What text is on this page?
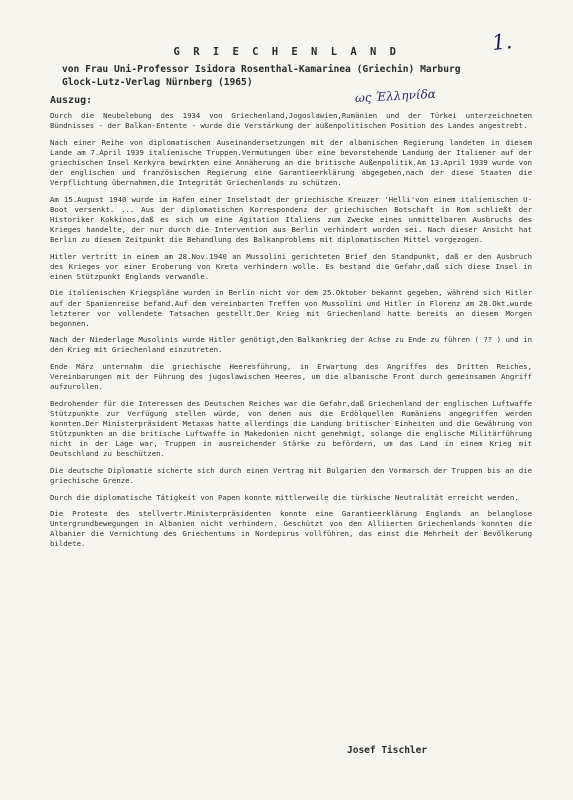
1.
G R I E C H E N L A N D
von Frau Uni-Professor Isidora Rosenthal-Kamarinea (Griechin) Marburg
Glock-Lutz-Verlag Nürnberg (1965)
ως Έλληνίδα
Auszug:

Durch die Neubelebung des 1934 von Griechenland,Jogoslawien,Rumänien und der Türkei unterzeichneten Bündnisses - der Balkan-Entente - wurde die Verstärkung der außenpolitischen Position des Landes angestrebt.

Nach einer Reihe von diplomatischen Auseinandersetzungen mit der albanischen Regierung landeten in diesem Lande am 7.April 1939 italienische Truppen.Vermutungen über eine bevorstehende Landung der Italiener auf der griechischen Insel Kerkyra bewirkten eine Annäherung an die britische Außenpolitik.Am 13.April 1939 wurde von der englischen und französischen Regierung eine Garantieerklärung abgegeben,nach der diese Staaten die Verpflichtung übernahmen,die Integrität Griechenlands zu schützen.

Am 15.August 1940 wurde im Hafen einer Inselstadt der griechische Kreuzer 'Helli'von einem italienischen U-Boot versenkt. ... Aus der diplomatischen Korrespondenz der griechischen Botschaft in Rom schließt der Historiker Kokkinos,daß es sich um eine Agitation Italiens zum Zwecke eines unmittelbaren Ausbruchs des Krieges handelte, der nur durch die Intervention aus Berlin verhindert worden sei. Nach dieser Ansicht hat Berlin zu diesem Zeitpunkt die Behandlung des Balkanproblems mit diplomatischen Mittel vorgezogen.

Hitler vertritt in einem am 28.Nov.1940 an Mussolini gerichteten Brief den Standpunkt, daß er den Ausbruch des Krieges vor einer Eroberung von Kreta verhindern wolle. Es bestand die Gefahr,daß sich diese Insel in einen Stützpunkt Englands verwandle.

Die italienischen Kriegspläne wurden in Berlin nicht vor dem 25.Oktober bekannt gegeben, während sich Hitler auf der Spanienreise befand.Auf dem vereinbarten Treffen von Mussolini und Hitler in Florenz am 28.Okt.wurde letzterer vor vollendete Tatsachen gestellt.Der Krieg mit Griechenland hatte bereits an diesem Morgen begonnen.

Nach der Niederlage Musolinis wurde Hitler genötigt,den Balkankrieg der Achse zu Ende zu führen ( ?? ) und in den Krieg mit Griechenland einzutreten.

Ende März unternahm die griechische Heeresführung, in Erwartung des Angriffes des Dritten Reiches, Vereinbarungen mit der Führung des jugoslawischen Heeres, um die albanische Front durch gemeinsamen Angriff aufzurollen.

Bedrohender für die Interessen des Deutschen Reiches war die Gefahr,daß Griechenland der englischen Luftwaffe Stützpunkte zur Verfügung stellen würde, von denen aus die Erdölquellen Rumäniens angegriffen werden konnten.Der Ministerpräsident Metaxas hatte allerdings die Landung britischer Einheiten und die Gewährung von Stützpunkten an die britische Luftwaffe in Makedonien nicht genehmigt, solange die englische Militärführung nicht in der Lage war, Truppen in ausreichender Stärke zu befördern, um das Land in einem Krieg mit Deutschland zu beschützen.

Die deutsche Diplomatie sicherte sich durch einen Vertrag mit Bulgarien den Vormarsch der Truppen bis an die griechische Grenze.

Durch die diplomatische Tätigkeit von Papen konnte mittlerweile die türkische Neutralität erreicht werden.

Die Proteste des stellvertr.Ministerpräsidenten konnte eine Garantieerklärung Englands an belanglose Untergrundbewegungen in Albanien nicht verhindern. Geschützt von den Alliierten Griechenlands konnten die Albanier die Vernichtung des Griechentums in Nordepirus vollführen, das einst die Mehrheit der Bevölkerung bildete.

Josef Tischler
